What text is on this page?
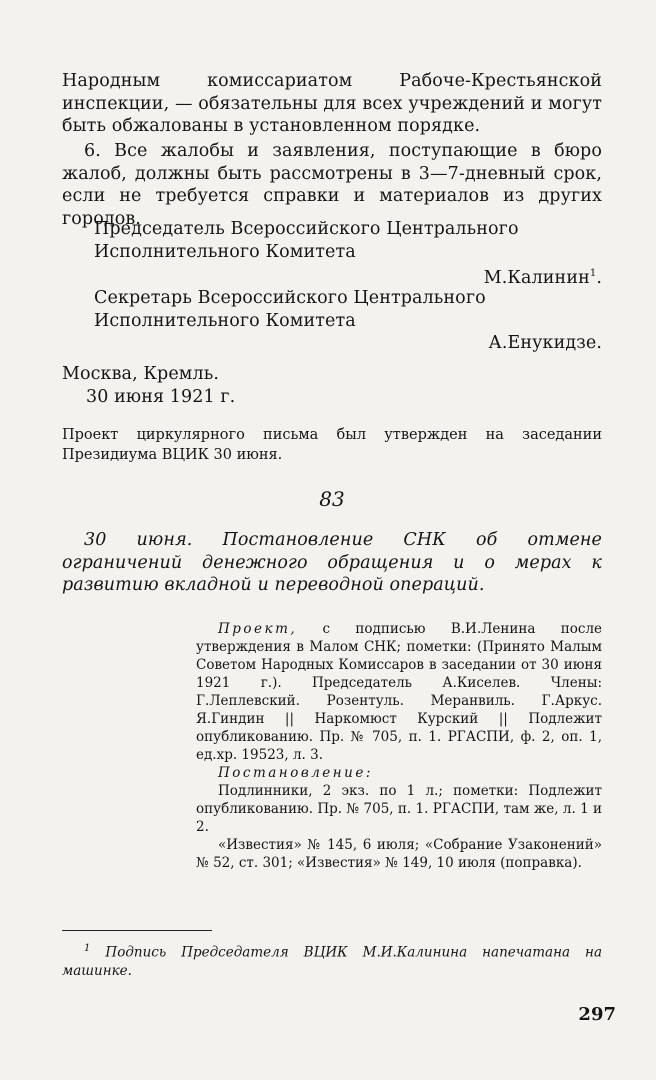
Народным комиссариатом Рабоче-Крестьянской инспекции, — обязательны для всех учреждений и могут быть обжалованы в установленном порядке.
6. Все жалобы и заявления, поступающие в бюро жалоб, должны быть рассмотрены в 3—7-дневный срок, если не требуется справки и материалов из других городов.
Председатель Всероссийского Центрального
Исполнительного Комитета
М.Калинин$^1$.
Секретарь Всероссийского Центрального
Исполнительного Комитета
А.Енукидзе.
Москва, Кремль.
30 июня 1921 г.
Проект циркулярного письма был утвержден на заседании Президиума ВЦИК 30 июня.
83
30 июня. Постановление СНК об отмене ограничений денежного обращения и о мерах к развитию вкладной и переводной операций.
Проект, с подписью В.И.Ленина после утверждения в Малом СНК; пометки: (Принято Малым Советом Народных Комиссаров в заседании от 30 июня 1921 г.). Председатель А.Киселев. Члены: Г.Леплевский. Розентуль. Меранвиль. Г.Аркус. Я.Гиндин || Наркомюст Курский || Подлежит опубликованию. Пр. № 705, п. 1. РГАСПИ, ф. 2, оп. 1, ед.хр. 19523, л. 3.
Постановление:
Подлинники, 2 экз. по 1 л.; пометки: Подлежит опубликованию. Пр. № 705, п. 1. РГАСПИ, там же, л. 1 и 2.
«Известия» № 145, 6 июля; «Собрание Узаконений» № 52, ст. 301; «Известия» № 149, 10 июля (поправка).
$^1$ Подпись Председателя ВЦИК М.И.Калинина напечатана на машинке.
297
